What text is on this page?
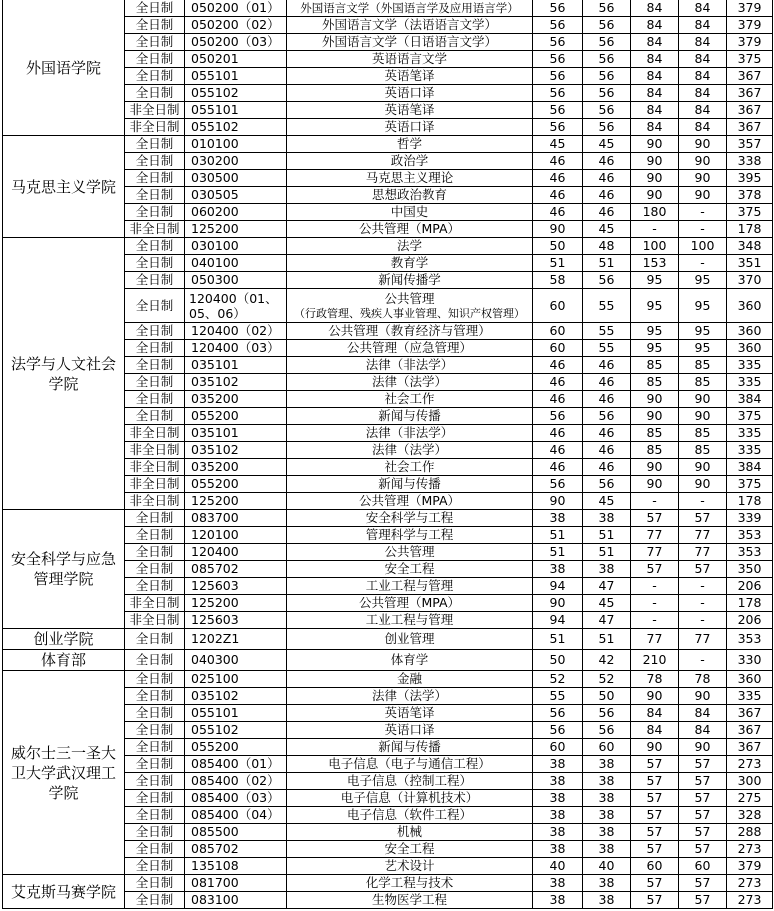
外国语学院	全日制	050200（01）	外国语言文学（外国语言学及应用语言学）	56	56	84	84	379
	全日制	050200（02）	外国语言文学（法语语言文学）	56	56	84	84	379
	全日制	050200（03）	外国语言文学（日语语言文学）	56	56	84	84	379
	全日制	050201	英语语言文学	56	56	84	84	375
	全日制	055101	英语笔译	56	56	84	84	367
	全日制	055102	英语口译	56	56	84	84	367
	非全日制	055101	英语笔译	56	56	84	84	367
	非全日制	055102	英语口译	56	56	84	84	367
马克思主义学院	全日制	010100	哲学	45	45	90	90	357
	全日制	030200	政治学	46	46	90	90	338
	全日制	030500	马克思主义理论	46	46	90	90	395
	全日制	030505	思想政治教育	46	46	90	90	378
	全日制	060200	中国史	46	46	180	-	375
	非全日制	125200	公共管理（MPA）	90	45	-	-	178
法学与人文社会学院	全日制	030100	法学	50	48	100	100	348
	全日制	040100	教育学	51	51	153	-	351
	全日制	050300	新闻传播学	58	56	95	95	370
	全日制	120400（01、05、06）	公共管理
（行政管理、残疾人事业管理、知识产权管理）	60	55	95	95	360
	全日制	120400（02）	公共管理（教育经济与管理）	60	55	95	95	360
	全日制	120400（03）	公共管理（应急管理）	60	55	95	95	360
	全日制	035101	法律（非法学）	46	46	85	85	335
	全日制	035102	法律（法学）	46	46	85	85	335
	全日制	035200	社会工作	46	46	90	90	384
	全日制	055200	新闻与传播	56	56	90	90	375
	非全日制	035101	法律（非法学）	46	46	85	85	335
	非全日制	035102	法律（法学）	46	46	85	85	335
	非全日制	035200	社会工作	46	46	90	90	384
	非全日制	055200	新闻与传播	56	56	90	90	375
	非全日制	125200	公共管理（MPA）	90	45	-	-	178
安全科学与应急管理学院	全日制	083700	安全科学与工程	38	38	57	57	339
	全日制	120100	管理科学与工程	51	51	77	77	353
	全日制	120400	公共管理	51	51	77	77	353
	全日制	085702	安全工程	38	38	57	57	350
	全日制	125603	工业工程与管理	94	47	-	-	206
	非全日制	125200	公共管理（MPA）	90	45	-	-	178
	非全日制	125603	工业工程与管理	94	47	-	-	206
创业学院	全日制	1202Z1	创业管理	51	51	77	77	353
体育部	全日制	040300	体育学	50	42	210	-	330
威尔士三一圣大卫大学武汉理工学院	全日制	025100	金融	52	52	78	78	360
	全日制	035102	法律（法学）	55	50	90	90	335
	全日制	055101	英语笔译	56	56	84	84	367
	全日制	055102	英语口译	56	56	84	84	367
	全日制	055200	新闻与传播	60	60	90	90	367
	全日制	085400（01）	电子信息（电子与通信工程）	38	38	57	57	273
	全日制	085400（02）	电子信息（控制工程）	38	38	57	57	300
	全日制	085400（03）	电子信息（计算机技术）	38	38	57	57	275
	全日制	085400（04）	电子信息（软件工程）	38	38	57	57	328
	全日制	085500	机械	38	38	57	57	288
	全日制	085702	安全工程	38	38	57	57	273
	全日制	135108	艺术设计	40	40	60	60	379
艾克斯马赛学院	全日制	081700	化学工程与技术	38	38	57	57	273
	全日制	083100	生物医学工程	38	38	57	57	273
